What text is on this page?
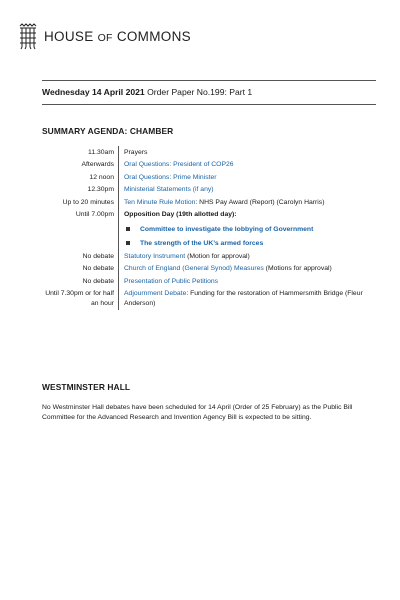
HOUSE OF COMMONS
Wednesday 14 April 2021 Order Paper No.199: Part 1
SUMMARY AGENDA: CHAMBER
11.30am	Prayers
Afterwards	Oral Questions: President of COP26
12 noon	Oral Questions: Prime Minister
12.30pm	Ministerial Statements (if any)
Up to 20 minutes	Ten Minute Rule Motion: NHS Pay Award (Report) (Carolyn Harris)
Until 7.00pm	Opposition Day (19th allotted day):
Committee to investigate the lobbying of Government
The strength of the UK’s armed forces

No debate	Statutory Instrument (Motion for approval)
No debate	Church of England (General Synod) Measures (Motions for approval)
No debate	Presentation of Public Petitions
Until 7.30pm or for half an hour	Adjournment Debate: Funding for the restoration of Hammersmith Bridge (Fleur Anderson)
WESTMINSTER HALL
No Westminster Hall debates have been scheduled for 14 April (Order of 25 February) as the Public Bill Committee for the Advanced Research and Invention Agency Bill is expected to be sitting.
